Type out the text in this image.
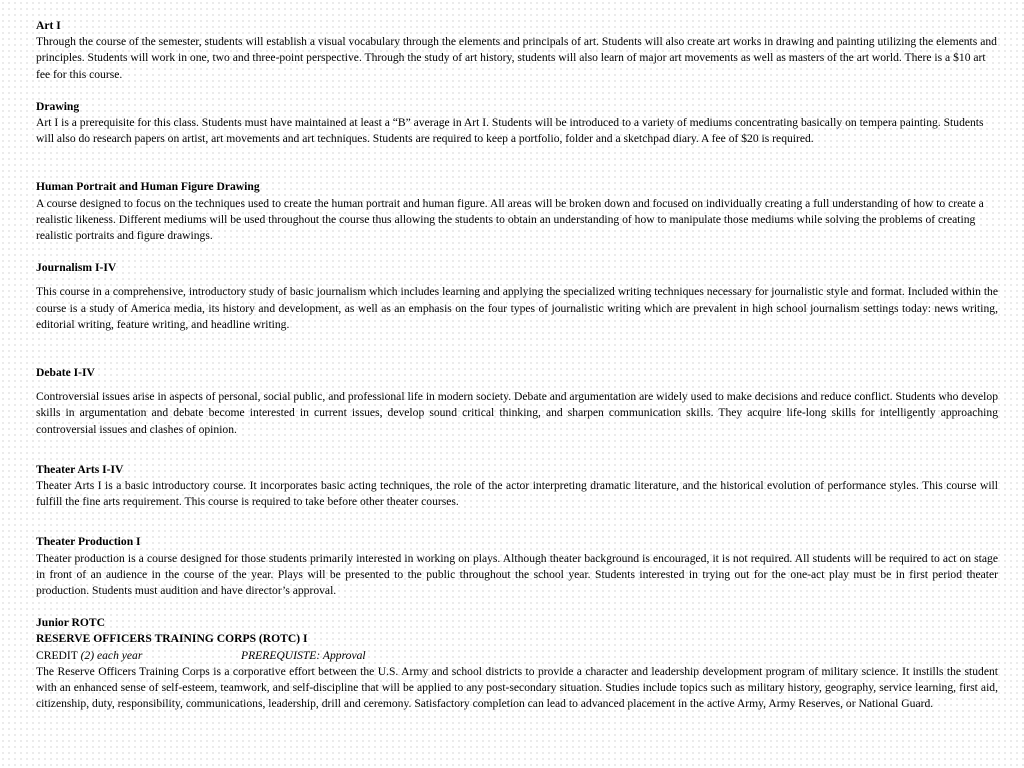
Art I

Through the course of the semester, students will establish a visual vocabulary through the elements and principals of art. Students will also create art works in drawing and painting utilizing the elements and principles. Students will work in one, two and three-point perspective. Through the study of art history, students will also learn of major art movements as well as masters of the art world. There is a $10 art fee for this course.

Drawing

Art I is a prerequisite for this class. Students must have maintained at least a “B” average in Art I. Students will be introduced to a variety of mediums concentrating basically on tempera painting. Students will also do research papers on artist, art movements and art techniques. Students are required to keep a portfolio, folder and a sketchpad diary. A fee of $20 is required.

Human Portrait and Human Figure Drawing

A course designed to focus on the techniques used to create the human portrait and human figure. All areas will be broken down and focused on individually creating a full understanding of how to create a realistic likeness. Different mediums will be used throughout the course thus allowing the students to obtain an understanding of how to manipulate those mediums while solving the problems of creating realistic portraits and figure drawings.

Journalism I-IV

This course in a comprehensive, introductory study of basic journalism which includes learning and applying the specialized writing techniques necessary for journalistic style and format. Included within the course is a study of America media, its history and development, as well as an emphasis on the four types of journalistic writing which are prevalent in high school journalism settings today: news writing, editorial writing, feature writing, and headline writing.

Debate I-IV

Controversial issues arise in aspects of personal, social public, and professional life in modern society. Debate and argumentation are widely used to make decisions and reduce conflict. Students who develop skills in argumentation and debate become interested in current issues, develop sound critical thinking, and sharpen communication skills. They acquire life-long skills for intelligently approaching controversial issues and clashes of opinion.

Theater Arts I-IV

Theater Arts I is a basic introductory course. It incorporates basic acting techniques, the role of the actor interpreting dramatic literature, and the historical evolution of performance styles. This course will fulfill the fine arts requirement. This course is required to take before other theater courses.

Theater Production I

Theater production is a course designed for those students primarily interested in working on plays. Although theater background is encouraged, it is not required. All students will be required to act on stage in front of an audience in the course of the year. Plays will be presented to the public throughout the school year. Students interested in trying out for the one-act play must be in first period theater production. Students must audition and have director’s approval.

Junior ROTC
RESERVE OFFICERS TRAINING CORPS (ROTC) I
CREDIT (2) each year	PREREQUISTE: Approval

The Reserve Officers Training Corps is a corporative effort between the U.S. Army and school districts to provide a character and leadership development program of military science. It instills the student with an enhanced sense of self-esteem, teamwork, and self-discipline that will be applied to any post-secondary situation. Studies include topics such as military history, geography, service learning, first aid, citizenship, duty, responsibility, communications, leadership, drill and ceremony. Satisfactory completion can lead to advanced placement in the active Army, Army Reserves, or National Guard.
